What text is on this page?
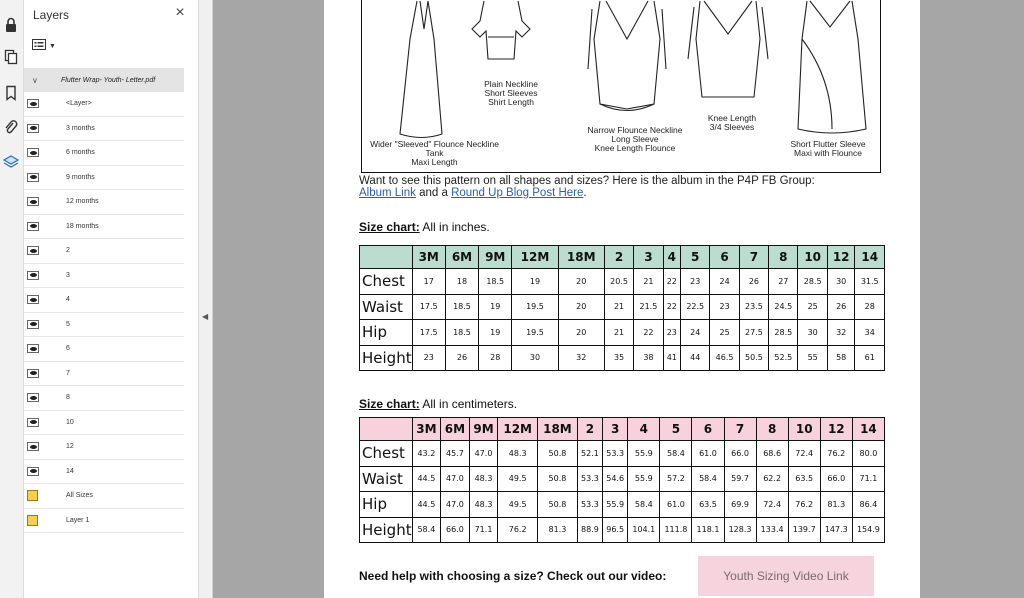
Layers	×
▼
∨	Flutter Wrap- Youth- Letter.pdf
<Layer>
3 months
6 months
9 months
12 months
18 months
2
3
4
5
6
7
8
10
12
14
All Sizes
Layer 1
◀
Wider "Sleeved" Flounce Neckline
Tank
Maxi Length
Plain Neckline
Short Sleeves
Shirt Length
Narrow Flounce Neckline
Long Sleeve
Knee Length Flounce
Knee Length
3/4 Sleeves
Short Flutter Sleeve
Maxi with Flounce
Want to see this pattern on all shapes and sizes? Here is the album in the P4P FB Group:
Album Link and a Round Up Blog Post Here.
Size chart: All in inches.
	3M	6M	9M	12M	18M	2	3	4	5	6	7	8	10	12	14
Chest	17	18	18.5	19	20	20.5	21	22	23	24	26	27	28.5	30	31.5
Waist	17.5	18.5	19	19.5	20	21	21.5	22	22.5	23	23.5	24.5	25	26	28
Hip	17.5	18.5	19	19.5	20	21	22	23	24	25	27.5	28.5	30	32	34
Height	23	26	28	30	32	35	38	41	44	46.5	50.5	52.5	55	58	61
Size chart: All in centimeters.
	3M	6M	9M	12M	18M	2	3	4	5	6	7	8	10	12	14
Chest	43.2	45.7	47.0	48.3	50.8	52.1	53.3	55.9	58.4	61.0	66.0	68.6	72.4	76.2	80.0
Waist	44.5	47.0	48.3	49.5	50.8	53.3	54.6	55.9	57.2	58.4	59.7	62.2	63.5	66.0	71.1
Hip	44.5	47.0	48.3	49.5	50.8	53.3	55.9	58.4	61.0	63.5	69.9	72.4	76.2	81.3	86.4
Height	58.4	66.0	71.1	76.2	81.3	88.9	96.5	104.1	111.8	118.1	128.3	133.4	139.7	147.3	154.9
Need help with choosing a size? Check out our video:	Youth Sizing Video Link
